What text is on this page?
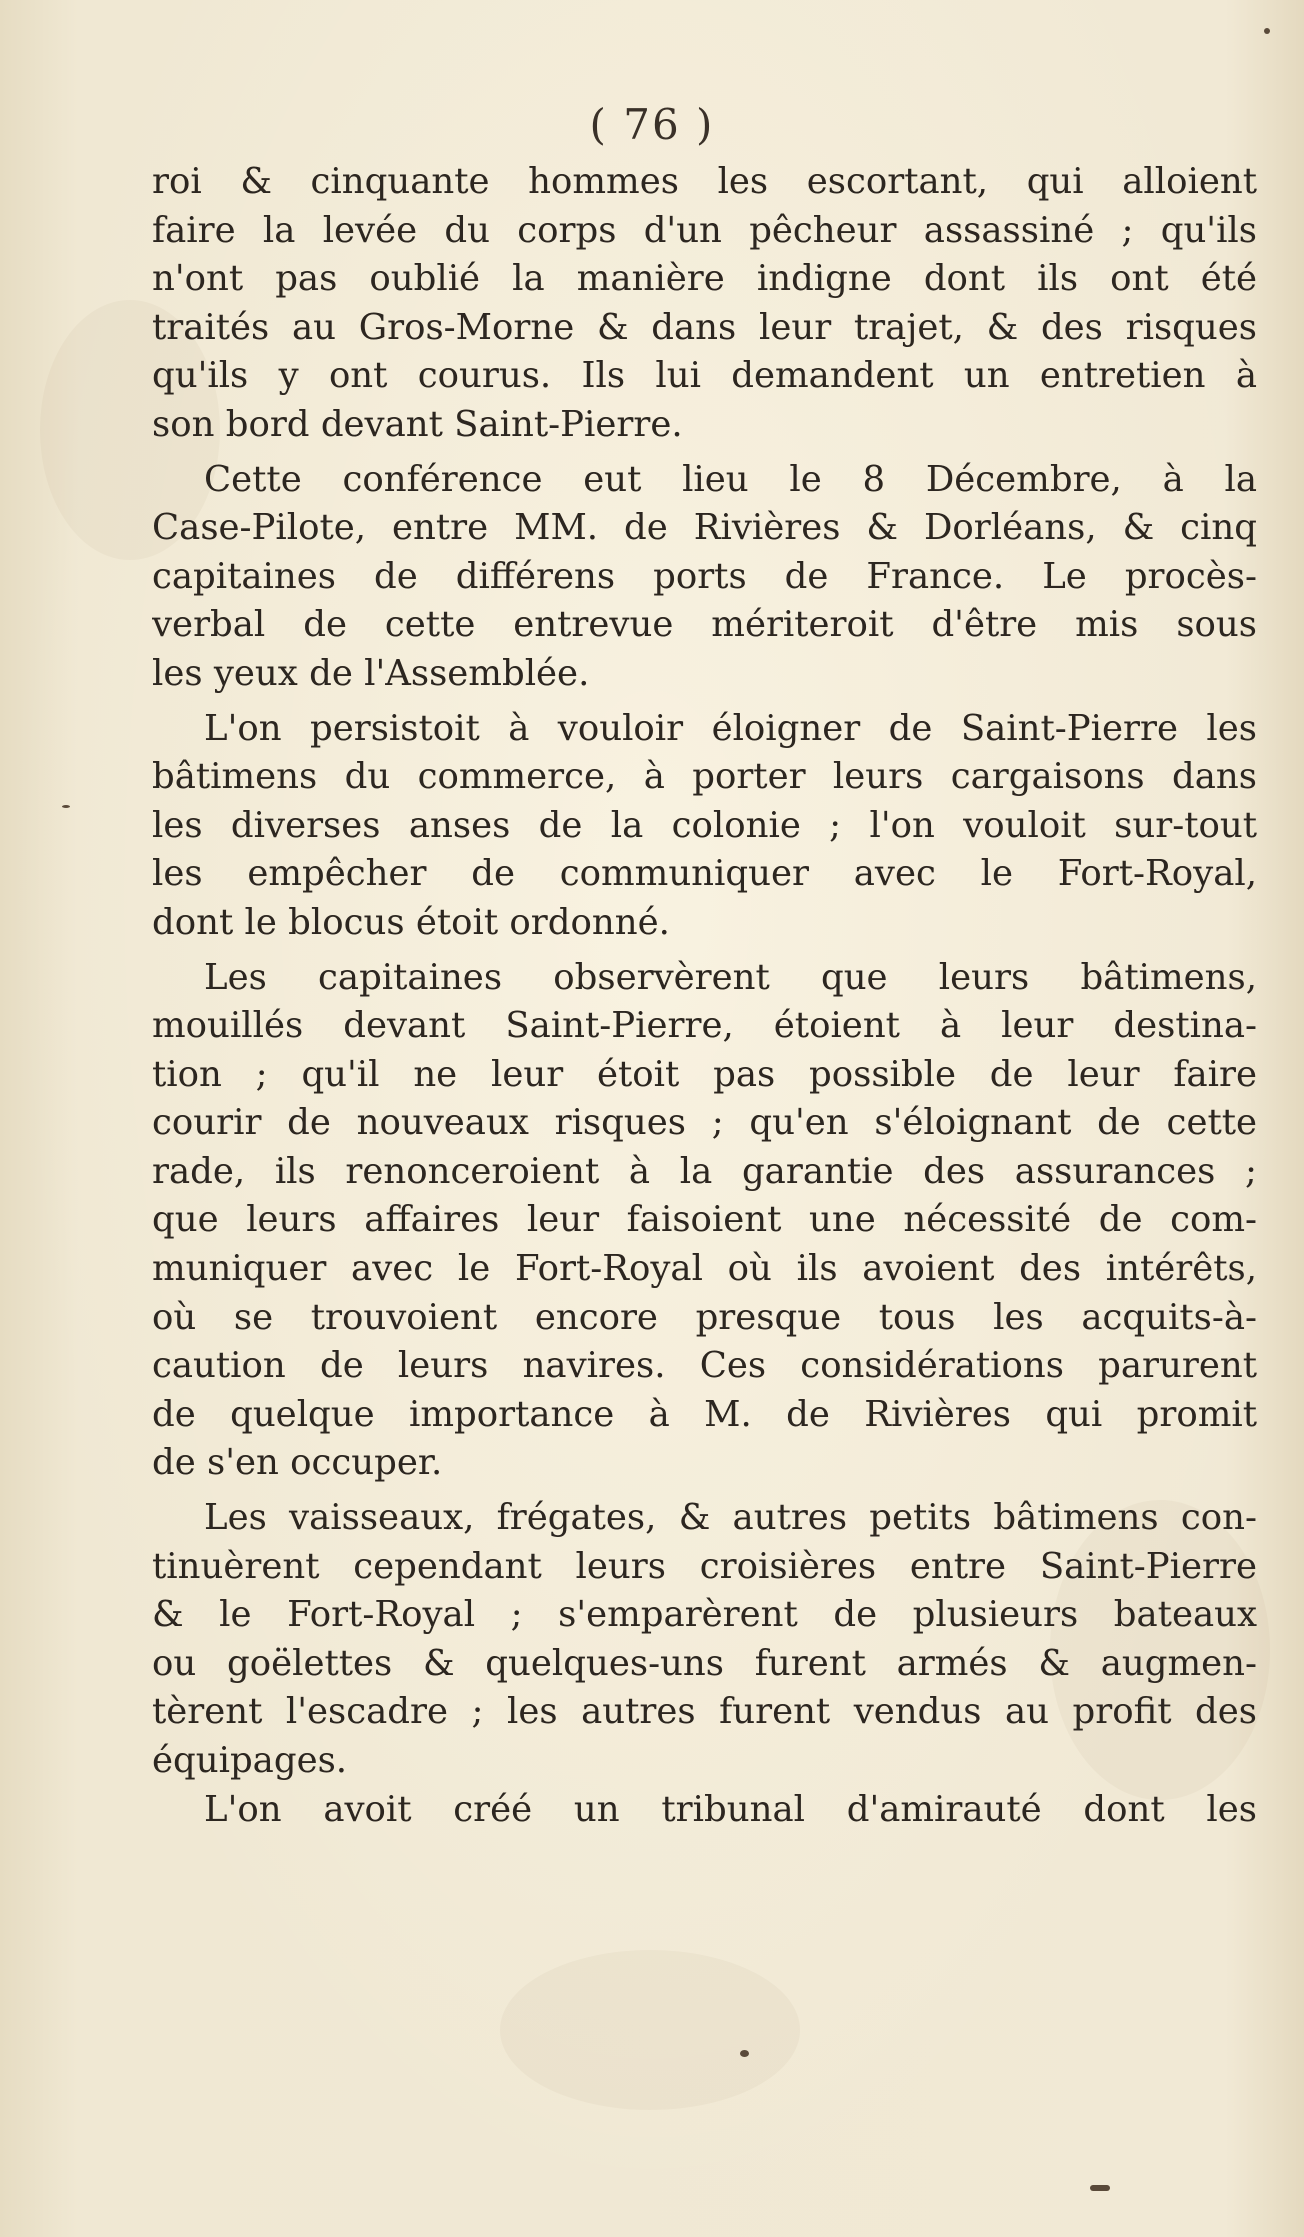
( 76 )
roi & cinquante hommes les escortant, qui alloient
faire la levée du corps d'un pêcheur assassiné ; qu'ils
n'ont pas oublié la manière indigne dont ils ont été
traités au Gros-Morne & dans leur trajet, & des risques
qu'ils y ont courus. Ils lui demandent un entretien à
son bord devant Saint-Pierre.
Cette conférence eut lieu le 8 Décembre, à la
Case-Pilote, entre MM. de Rivières & Dorléans, & cinq
capitaines de différens ports de France. Le procès-
verbal de cette entrevue mériteroit d'être mis sous
les yeux de l'Assemblée.
L'on persistoit à vouloir éloigner de Saint-Pierre les
bâtimens du commerce, à porter leurs cargaisons dans
les diverses anses de la colonie ; l'on vouloit sur-tout
les empêcher de communiquer avec le Fort-Royal,
dont le blocus étoit ordonné.
Les capitaines observèrent que leurs bâtimens,
mouillés devant Saint-Pierre, étoient à leur destina-
tion ; qu'il ne leur étoit pas possible de leur faire
courir de nouveaux risques ; qu'en s'éloignant de cette
rade, ils renonceroient à la garantie des assurances ;
que leurs affaires leur faisoient une nécessité de com-
muniquer avec le Fort-Royal où ils avoient des intérêts,
où se trouvoient encore presque tous les acquits-à-
caution de leurs navires. Ces considérations parurent
de quelque importance à M. de Rivières qui promit
de s'en occuper.
Les vaisseaux, frégates, & autres petits bâtimens con-
tinuèrent cependant leurs croisières entre Saint-Pierre
& le Fort-Royal ; s'emparèrent de plusieurs bateaux
ou goëlettes & quelques-uns furent armés & augmen-
tèrent l'escadre ; les autres furent vendus au profit des
équipages.
L'on avoit créé un tribunal d'amirauté dont les
